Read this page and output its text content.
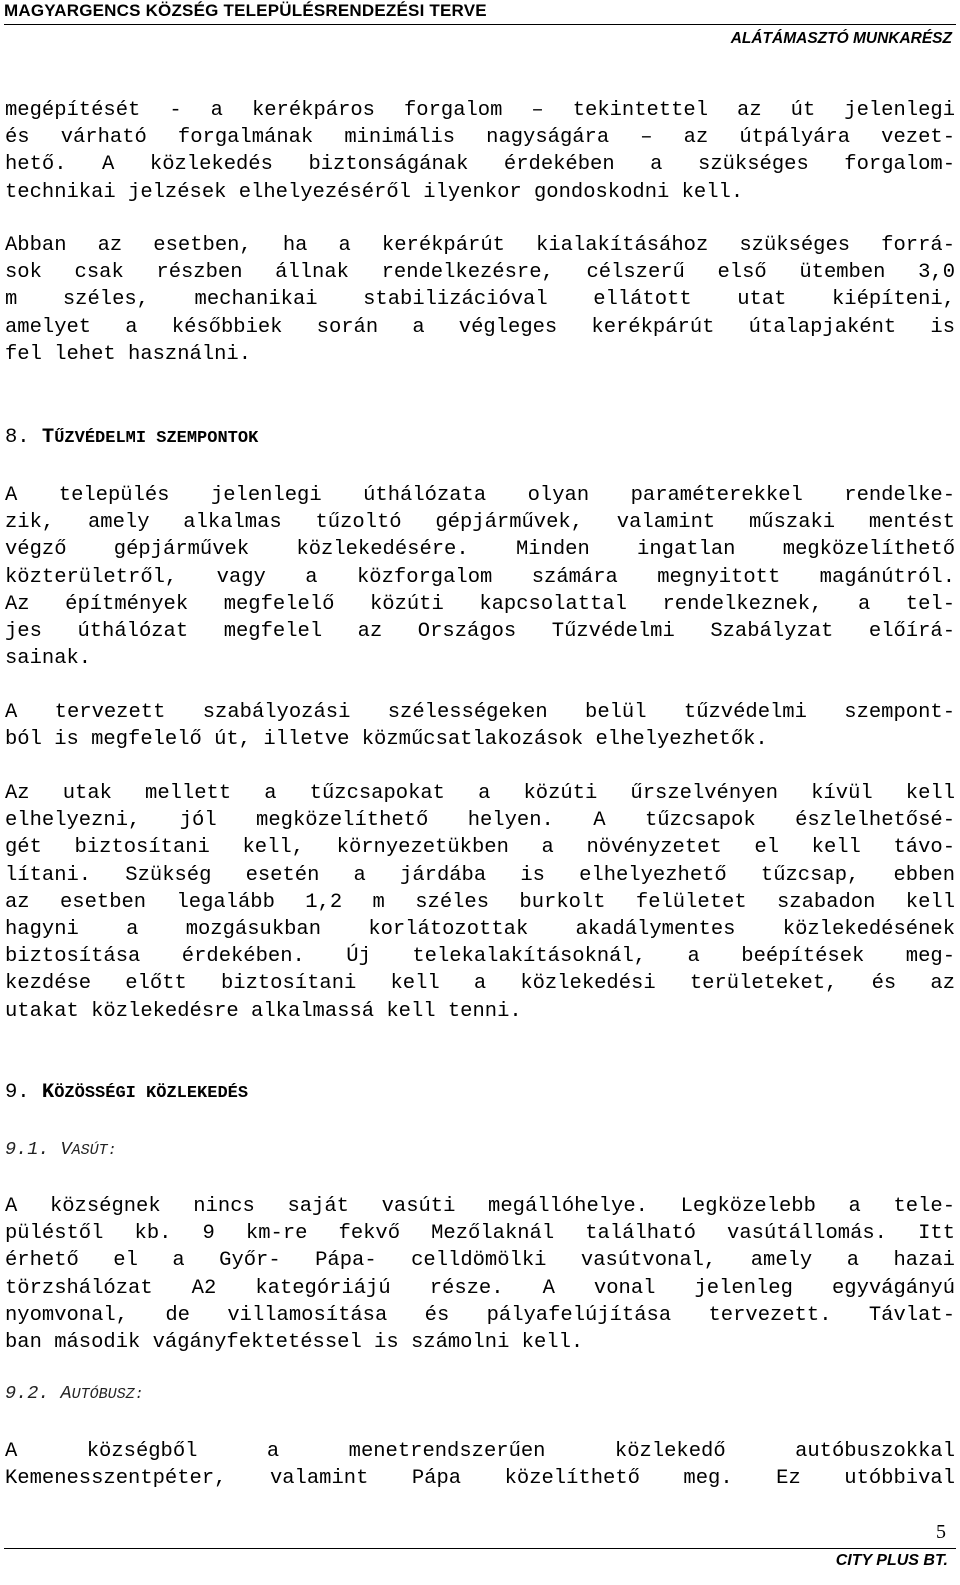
MAGYARGENCS KÖZSÉG TELEPÜLÉSRENDEZÉSI TERVE
ALÁTÁMASZTÓ MUNKARÉSZ
megépítését - a kerékpáros forgalom – tekintettel az út jelenlegi
és várható forgalmának minimális nagyságára – az útpályára vezet-
hető. A közlekedés biztonságának érdekében a szükséges forgalom-
technikai jelzések elhelyezéséről ilyenkor gondoskodni kell.
Abban az esetben, ha a kerékpárút kialakításához szükséges forrá-
sok csak részben állnak rendelkezésre, célszerű első ütemben 3,0
m széles, mechanikai stabilizációval ellátott utat kiépíteni,
amelyet a későbbiek során a végleges kerékpárút útalapjaként is
fel lehet használni.
8. TŰZVÉDELMI SZEMPONTOK
A település jelenlegi úthálózata olyan paraméterekkel rendelke-
zik, amely alkalmas tűzoltó gépjárművek, valamint műszaki mentést
végző gépjárművek közlekedésére. Minden ingatlan megközelíthető
közterületről, vagy a közforgalom számára megnyitott magánútról.
Az építmények megfelelő közúti kapcsolattal rendelkeznek, a tel-
jes úthálózat megfelel az Országos Tűzvédelmi Szabályzat előírá-
sainak.
A tervezett szabályozási szélességeken belül tűzvédelmi szempont-
ból is megfelelő út, illetve közműcsatlakozások elhelyezhetők.
Az utak mellett a tűzcsapokat a közúti űrszelvényen kívül kell
elhelyezni, jól megközelíthető helyen. A tűzcsapok észlelhetősé-
gét biztosítani kell, környezetükben a növényzetet el kell távo-
lítani. Szükség esetén a járdába is elhelyezhető tűzcsap, ebben
az esetben legalább 1,2 m széles burkolt felületet szabadon kell
hagyni a mozgásukban korlátozottak akadálymentes közlekedésének
biztosítása érdekében. Új telekalakításoknál, a beépítések meg-
kezdése előtt biztosítani kell a közlekedési területeket, és az
utakat közlekedésre alkalmassá kell tenni.
9. KÖZÖSSÉGI KÖZLEKEDÉS
9.1. VASÚT:
A községnek nincs saját vasúti megállóhelye. Legközelebb a tele-
püléstől kb. 9 km-re fekvő Mezőlaknál található vasútállomás. Itt
érhető el a Győr- Pápa- celldömölki vasútvonal, amely a hazai
törzshálózat A2 kategóriájú része. A vonal jelenleg egyvágányú
nyomvonal, de villamosítása és pályafelújítása tervezett. Távlat-
ban második vágányfektetéssel is számolni kell.
9.2. AUTÓBUSZ:
A községből a menetrendszerűen közlekedő autóbuszokkal
Kemenesszentpéter, valamint Pápa közelíthető meg. Ez utóbbival
5
CITY PLUS BT.
